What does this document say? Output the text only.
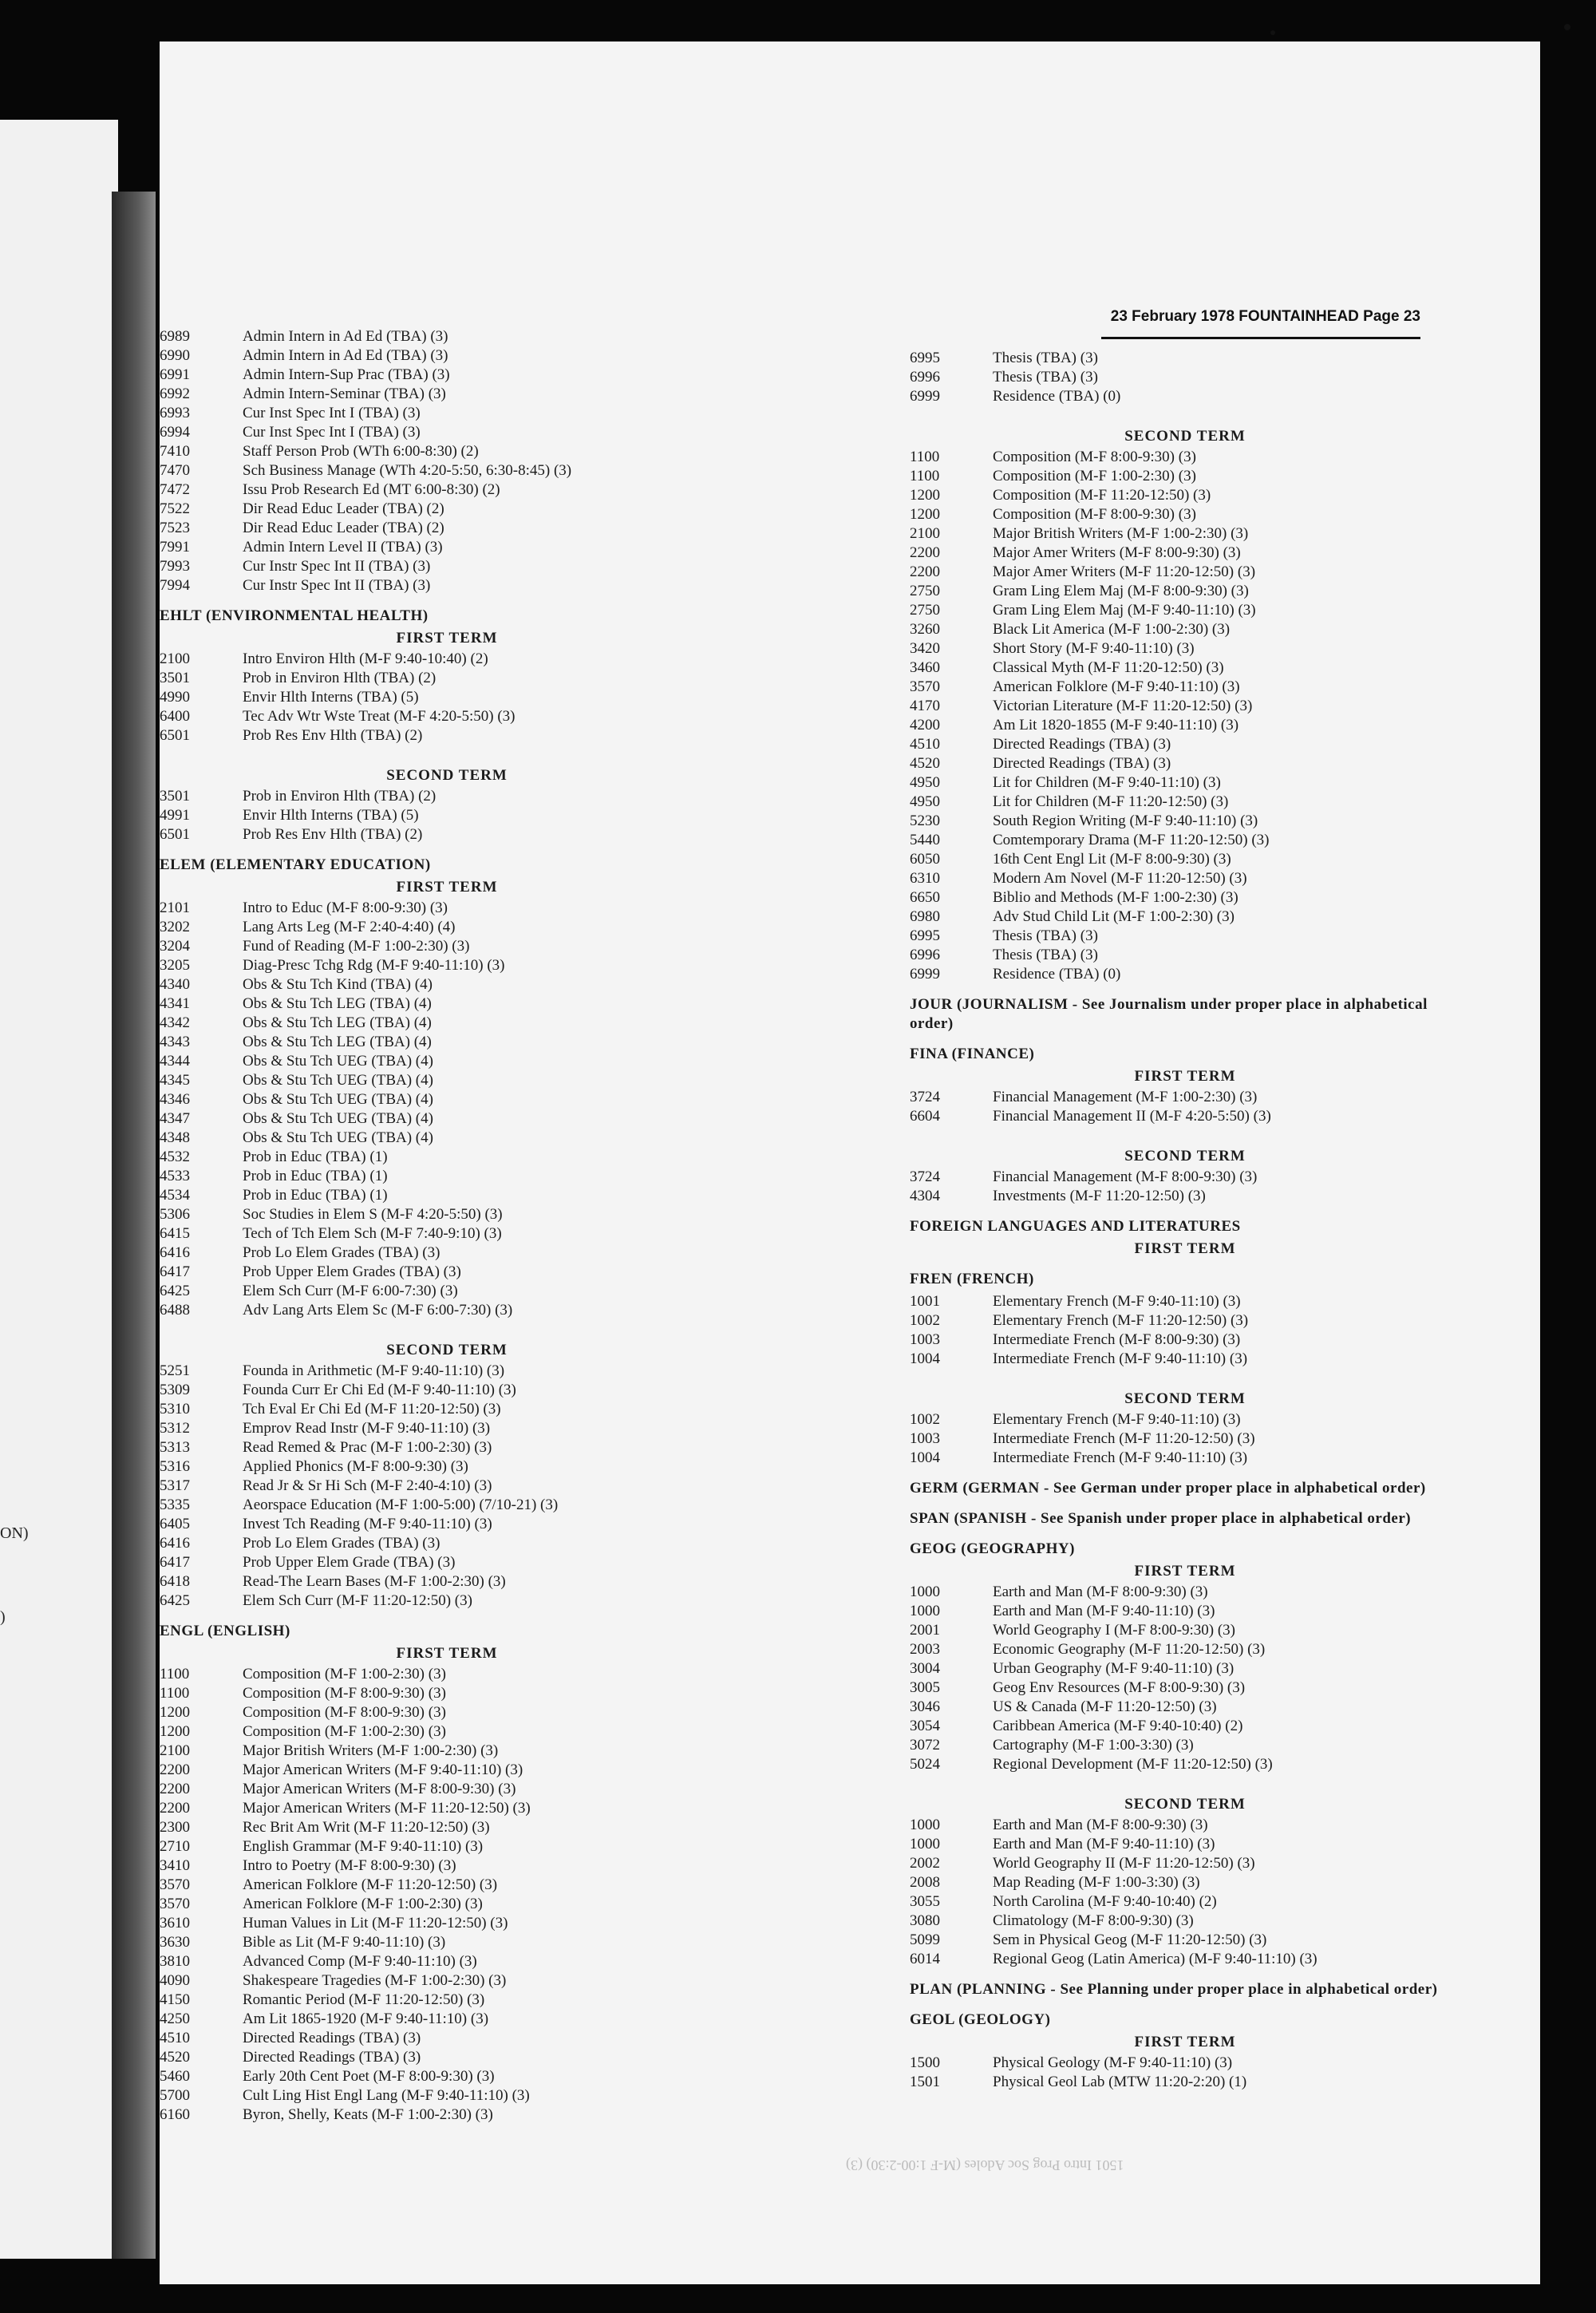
ON)
)
23 February 1978 FOUNTAINHEAD Page 23
6989	Admin Intern in Ad Ed (TBA) (3)
6990	Admin Intern in Ad Ed (TBA) (3)
6991	Admin Intern-Sup Prac (TBA) (3)
6992	Admin Intern-Seminar (TBA) (3)
6993	Cur Inst Spec Int I (TBA) (3)
6994	Cur Inst Spec Int I (TBA) (3)
7410	Staff Person Prob (WTh 6:00-8:30) (2)
7470	Sch Business Manage (WTh 4:20-5:50, 6:30-8:45) (3)
7472	Issu Prob Research Ed (MT 6:00-8:30) (2)
7522	Dir Read Educ Leader (TBA) (2)
7523	Dir Read Educ Leader (TBA) (2)
7991	Admin Intern Level II (TBA) (3)
7993	Cur Instr Spec Int II (TBA) (3)
7994	Cur Instr Spec Int II (TBA) (3)
EHLT (ENVIRONMENTAL HEALTH)
FIRST TERM
2100	Intro Environ Hlth (M-F 9:40-10:40) (2)
3501	Prob in Environ Hlth (TBA) (2)
4990	Envir Hlth Interns (TBA) (5)
6400	Tec Adv Wtr Wste Treat (M-F 4:20-5:50) (3)
6501	Prob Res Env Hlth (TBA) (2)
SECOND TERM
3501	Prob in Environ Hlth (TBA) (2)
4991	Envir Hlth Interns (TBA) (5)
6501	Prob Res Env Hlth (TBA) (2)
ELEM (ELEMENTARY EDUCATION)
FIRST TERM
2101	Intro to Educ (M-F 8:00-9:30) (3)
3202	Lang Arts Leg (M-F 2:40-4:40) (4)
3204	Fund of Reading (M-F 1:00-2:30) (3)
3205	Diag-Presc Tchg Rdg (M-F 9:40-11:10) (3)
4340	Obs & Stu Tch Kind (TBA) (4)
4341	Obs & Stu Tch LEG (TBA) (4)
4342	Obs & Stu Tch LEG (TBA) (4)
4343	Obs & Stu Tch LEG (TBA) (4)
4344	Obs & Stu Tch UEG (TBA) (4)
4345	Obs & Stu Tch UEG (TBA) (4)
4346	Obs & Stu Tch UEG (TBA) (4)
4347	Obs & Stu Tch UEG (TBA) (4)
4348	Obs & Stu Tch UEG (TBA) (4)
4532	Prob in Educ (TBA) (1)
4533	Prob in Educ (TBA) (1)
4534	Prob in Educ (TBA) (1)
5306	Soc Studies in Elem S (M-F 4:20-5:50) (3)
6415	Tech of Tch Elem Sch (M-F 7:40-9:10) (3)
6416	Prob Lo Elem Grades (TBA) (3)
6417	Prob Upper Elem Grades (TBA) (3)
6425	Elem Sch Curr (M-F 6:00-7:30) (3)
6488	Adv Lang Arts Elem Sc (M-F 6:00-7:30) (3)
SECOND TERM
5251	Founda in Arithmetic (M-F 9:40-11:10) (3)
5309	Founda Curr Er Chi Ed (M-F 9:40-11:10) (3)
5310	Tch Eval Er Chi Ed (M-F 11:20-12:50) (3)
5312	Emprov Read Instr (M-F 9:40-11:10) (3)
5313	Read Remed & Prac (M-F 1:00-2:30) (3)
5316	Applied Phonics (M-F 8:00-9:30) (3)
5317	Read Jr & Sr Hi Sch (M-F 2:40-4:10) (3)
5335	Aeorspace Education (M-F 1:00-5:00) (7/10-21) (3)
6405	Invest Tch Reading (M-F 9:40-11:10) (3)
6416	Prob Lo Elem Grades (TBA) (3)
6417	Prob Upper Elem Grade (TBA) (3)
6418	Read-The Learn Bases (M-F 1:00-2:30) (3)
6425	Elem Sch Curr (M-F 11:20-12:50) (3)
ENGL (ENGLISH)
FIRST TERM
1100	Composition (M-F 1:00-2:30) (3)
1100	Composition (M-F 8:00-9:30) (3)
1200	Composition (M-F 8:00-9:30) (3)
1200	Composition (M-F 1:00-2:30) (3)
2100	Major British Writers (M-F 1:00-2:30) (3)
2200	Major American Writers (M-F 9:40-11:10) (3)
2200	Major American Writers (M-F 8:00-9:30) (3)
2200	Major American Writers (M-F 11:20-12:50) (3)
2300	Rec Brit Am Writ (M-F 11:20-12:50) (3)
2710	English Grammar (M-F 9:40-11:10) (3)
3410	Intro to Poetry (M-F 8:00-9:30) (3)
3570	American Folklore (M-F 11:20-12:50) (3)
3570	American Folklore (M-F 1:00-2:30) (3)
3610	Human Values in Lit (M-F 11:20-12:50) (3)
3630	Bible as Lit (M-F 9:40-11:10) (3)
3810	Advanced Comp (M-F 9:40-11:10) (3)
4090	Shakespeare Tragedies (M-F 1:00-2:30) (3)
4150	Romantic Period (M-F 11:20-12:50) (3)
4250	Am Lit 1865-1920 (M-F 9:40-11:10) (3)
4510	Directed Readings (TBA) (3)
4520	Directed Readings (TBA) (3)
5460	Early 20th Cent Poet (M-F 8:00-9:30) (3)
5700	Cult Ling Hist Engl Lang (M-F 9:40-11:10) (3)
6160	Byron, Shelly, Keats (M-F 1:00-2:30) (3)
6995	Thesis (TBA) (3)
6996	Thesis (TBA) (3)
6999	Residence (TBA) (0)
SECOND TERM
1100	Composition (M-F 8:00-9:30) (3)
1100	Composition (M-F 1:00-2:30) (3)
1200	Composition (M-F 11:20-12:50) (3)
1200	Composition (M-F 8:00-9:30) (3)
2100	Major British Writers (M-F 1:00-2:30) (3)
2200	Major Amer Writers (M-F 8:00-9:30) (3)
2200	Major Amer Writers (M-F 11:20-12:50) (3)
2750	Gram Ling Elem Maj (M-F 8:00-9:30) (3)
2750	Gram Ling Elem Maj (M-F 9:40-11:10) (3)
3260	Black Lit America (M-F 1:00-2:30) (3)
3420	Short Story (M-F 9:40-11:10) (3)
3460	Classical Myth (M-F 11:20-12:50) (3)
3570	American Folklore (M-F 9:40-11:10) (3)
4170	Victorian Literature (M-F 11:20-12:50) (3)
4200	Am Lit 1820-1855 (M-F 9:40-11:10) (3)
4510	Directed Readings (TBA) (3)
4520	Directed Readings (TBA) (3)
4950	Lit for Children (M-F 9:40-11:10) (3)
4950	Lit for Children (M-F 11:20-12:50) (3)
5230	South Region Writing (M-F 9:40-11:10) (3)
5440	Comtemporary Drama (M-F 11:20-12:50) (3)
6050	16th Cent Engl Lit (M-F 8:00-9:30) (3)
6310	Modern Am Novel (M-F 11:20-12:50) (3)
6650	Biblio and Methods (M-F 1:00-2:30) (3)
6980	Adv Stud Child Lit (M-F 1:00-2:30) (3)
6995	Thesis (TBA) (3)
6996	Thesis (TBA) (3)
6999	Residence (TBA) (0)
JOUR (JOURNALISM - See Journalism under proper place in alphabetical order)
FINA (FINANCE)
FIRST TERM
3724	Financial Management (M-F 1:00-2:30) (3)
6604	Financial Management II (M-F 4:20-5:50) (3)
SECOND TERM
3724	Financial Management (M-F 8:00-9:30) (3)
4304	Investments (M-F 11:20-12:50) (3)
FOREIGN LANGUAGES AND LITERATURES
FIRST TERM
FREN (FRENCH)
1001	Elementary French (M-F 9:40-11:10) (3)
1002	Elementary French (M-F 11:20-12:50) (3)
1003	Intermediate French (M-F 8:00-9:30) (3)
1004	Intermediate French (M-F 9:40-11:10) (3)
SECOND TERM
1002	Elementary French (M-F 9:40-11:10) (3)
1003	Intermediate French (M-F 11:20-12:50) (3)
1004	Intermediate French (M-F 9:40-11:10) (3)
GERM (GERMAN - See German under proper place in alphabetical order)
SPAN (SPANISH - See Spanish under proper place in alphabetical order)
GEOG (GEOGRAPHY)
FIRST TERM
1000	Earth and Man (M-F 8:00-9:30) (3)
1000	Earth and Man (M-F 9:40-11:10) (3)
2001	World Geography I (M-F 8:00-9:30) (3)
2003	Economic Geography (M-F 11:20-12:50) (3)
3004	Urban Geography (M-F 9:40-11:10) (3)
3005	Geog Env Resources (M-F 8:00-9:30) (3)
3046	US & Canada (M-F 11:20-12:50) (3)
3054	Caribbean America (M-F 9:40-10:40) (2)
3072	Cartography (M-F 1:00-3:30) (3)
5024	Regional Development (M-F 11:20-12:50) (3)
SECOND TERM
1000	Earth and Man (M-F 8:00-9:30) (3)
1000	Earth and Man (M-F 9:40-11:10) (3)
2002	World Geography II (M-F 11:20-12:50) (3)
2008	Map Reading (M-F 1:00-3:30) (3)
3055	North Carolina (M-F 9:40-10:40) (2)
3080	Climatology (M-F 8:00-9:30) (3)
5099	Sem in Physical Geog (M-F 11:20-12:50) (3)
6014	Regional Geog (Latin America) (M-F 9:40-11:10) (3)
PLAN (PLANNING - See Planning under proper place in alphabetical order)
GEOL (GEOLOGY)
FIRST TERM
1500	Physical Geology (M-F 9:40-11:10) (3)
1501	Physical Geol Lab (MTW 11:20-2:20) (1)
1501 Intro Prog Soc Adoles (M-F 1:00-2:30) (3)
